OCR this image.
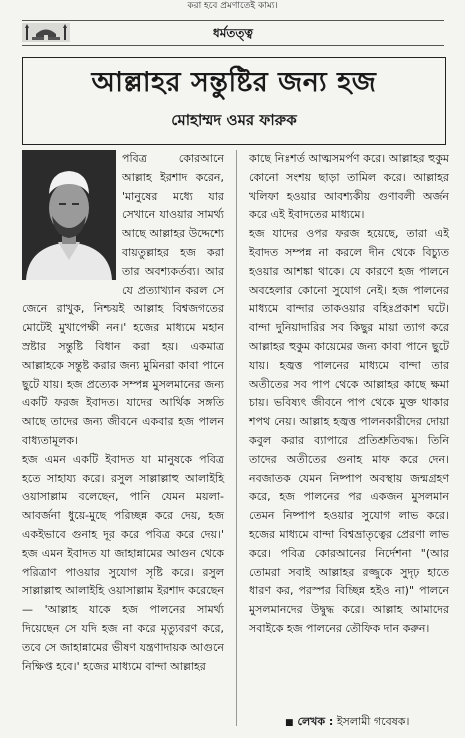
করা হবে প্রমণাতেই কাম্য।
ধর্মতত্ত্ব
আল্লাহর সন্তুষ্টির জন্য হজ
মোহাম্মদ ওমর ফারুক

পবিত্র কোরআনে আল্লাহ ইরশাদ করেন, 'মানুষের মধ্যে যার সেখানে যাওয়ার সামর্থ্য আছে আল্লাহর উদ্দেশ্যে বায়তুল্লাহর হজ করা তার অবশ্যকর্তব্য। আর যে প্রত্যাখ্যান করল সে জেনে রাখুক, নিশ্চয়ই আল্লাহ বিশ্বজগতের মোটেই মুখাপেক্ষী নন।' হজের মাধ্যমে মহান স্রষ্টার সন্তুষ্টি বিধান করা হয়। একমাত্র আল্লাহকে সন্তুষ্ট করার জন্য মুমিনরা কাবা পানে ছুটে যায়। হজ প্রত্যেক সম্পন্ন মুসলমানের জন্য একটি ফরজ ইবাদত। যাদের আর্থিক সঙ্গতি আছে তাদের জন্য জীবনে একবার হজ পালন বাধ্যতামূলক।

হজ এমন একটি ইবাদত যা মানুষকে পবিত্র হতে সাহায্য করে। রসুল সাল্লাল্লাহু আলাইহি ওয়াসাল্লাম বলেছেন, পানি যেমন ময়লা-আবর্জনা ধুয়ে-মুছে পরিচ্ছন্ন করে দেয়, হজ একইভাবে গুনাহ দূর করে পবিত্র করে দেয়।' হজ এমন ইবাদত যা জাহান্নামের আগুন থেকে পরিত্রাণ পাওয়ার সুযোগ সৃষ্টি করে। রসুল সাল্লাল্লাহু আলাইহি ওয়াসাল্লাম ইরশাদ করেছেন— 'আল্লাহ যাকে হজ পালনের সামর্থ্য দিয়েছেন সে যদি হজ না করে মৃত্যুবরণ করে, তবে সে জাহান্নামের ভীষণ যন্ত্রণাদায়ক আগুনে নিক্ষিপ্ত হবে।' হজের মাধ্যমে বান্দা আল্লাহর

কাছে নিঃশর্ত আত্মসমর্পণ করে। আল্লাহর হুকুম কোনো সংশয় ছাড়া তামিল করে। আল্লাহর খলিফা হওয়ার আবশ্যকীয় গুণাবলী অর্জন করে এই ইবাদতের মাধ্যমে।

হজ যাদের ওপর ফরজ হয়েছে, তারা এই ইবাদত সম্পন্ন না করলে দীন থেকে বিচ্যুত হওয়ার আশঙ্কা থাকে। যে কারণে হজ পালনে অবহেলার কোনো সুযোগ নেই। হজ পালনের মাধ্যমে বান্দার তাকওয়ার বহিঃপ্রকাশ ঘটে। বান্দা দুনিয়াদারির সব কিছুর মায়া ত্যাগ করে আল্লাহর হুকুম কায়েমের জন্য কাবা পানে ছুটে যায়। হজ্বত্ত পালনের মাধ্যমে বান্দা তার অতীতের সব পাপ থেকে আল্লাহর কাছে ক্ষমা চায়। ভবিষ্যৎ জীবনে পাপ থেকে মুক্ত থাকার শপথ নেয়। আল্লাহ হজ্বত্ত পালনকারীদের দোয়া কবুল করার ব্যাপারে প্রতিশ্রুতিবদ্ধ। তিনি তাদের অতীতের গুনাহ মাফ করে দেন। নবজাতক যেমন নিষ্পাপ অবস্থায় জন্মগ্রহণ করে, হজ পালনের পর একজন মুসলমান তেমন নিষ্পাপ হওয়ার সুযোগ লাভ করে। হজের মাধ্যমে বান্দা বিশ্বভ্রাতৃত্বের প্রেরণা লাভ করে। পবিত্র কোরআনের নির্দেশনা "(আর তোমরা সবাই আল্লাহর রজ্জুকে সুদৃঢ় হাতে ধারণ কর, পরস্পর বিচ্ছিন্ন হইও না)" পালনে মুসলমানদের উদ্বুদ্ধ করে। আল্লাহ আমাদের সবাইকে হজ পালনের তৌফিক দান করুন।

■ লেখক : ইসলামী গবেষক।
